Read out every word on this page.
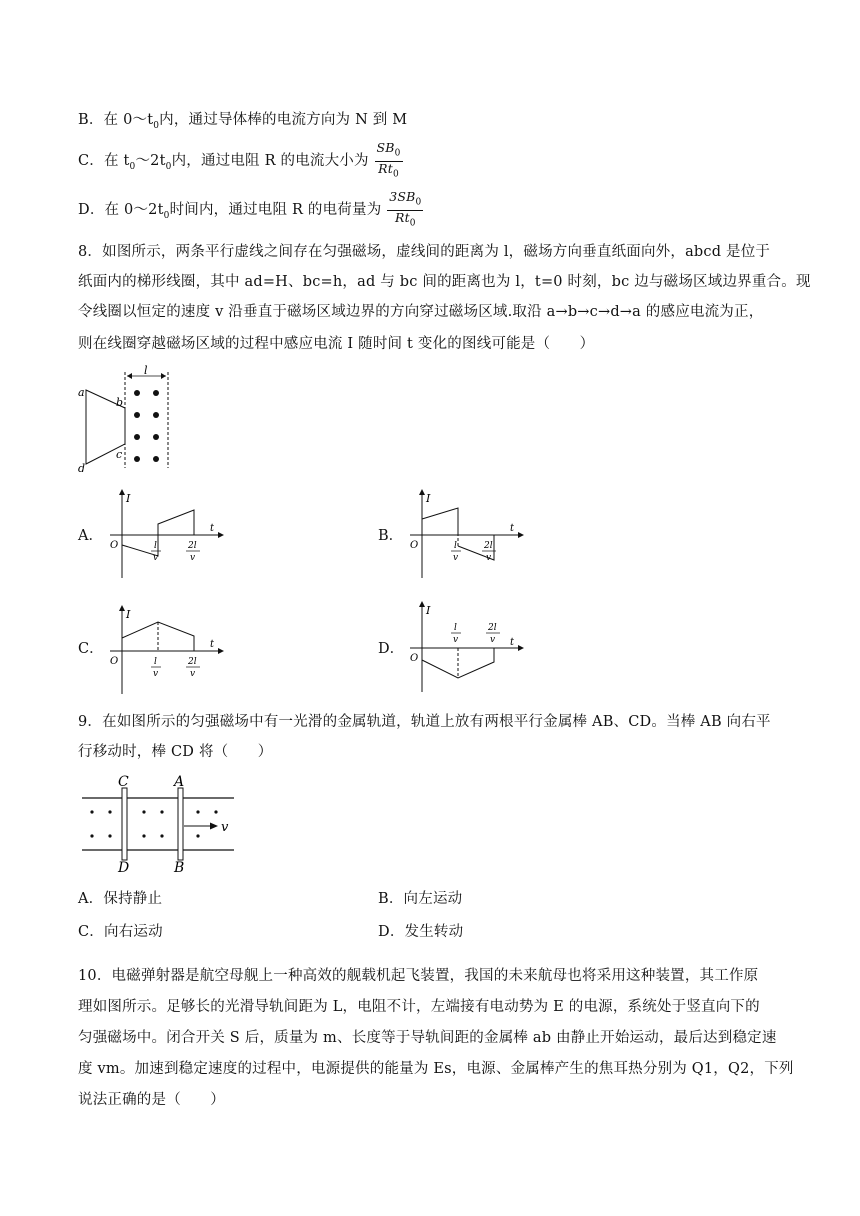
B．在 $0\sim t_0$内，通过导体棒的电流方向为 N 到 M
C．在 $t_0\sim 2t_0$内，通过电阻 R 的电流大小为 $\frac{SB_0}{Rt_0}$
D．在 $0\sim 2t_0$时间内，通过电阻 R 的电荷量为 $\frac{3SB_0}{Rt_0}$
8．如图所示，两条平行虚线之间存在匀强磁场，虚线间的距离为 l，磁场方向垂直纸面向外，abcd 是位于
纸面内的梯形线圈，其中 ad=H、bc=h，ad 与 bc 间的距离也为 l，t=0 时刻，bc 边与磁场区域边界重合。现
令线圈以恒定的速度 v 沿垂直于磁场区域边界的方向穿过磁场区域.取沿 a→b→c→d→a 的感应电流为正，
则在线圈穿越磁场区域的过程中感应电流 I 随时间 t 变化的图线可能是（　　）
l
a
b
c
d
A．	B．
C．	D．
I
t
O	l
v
2l
v
I
t
O	l
v
2l
v
I
t
O	l
v
2l
v
I
t
O
l
v
2l
v
9．在如图所示的匀强磁场中有一光滑的金属轨道，轨道上放有两根平行金属棒 AB、CD。当棒 AB 向右平
行移动时，棒 CD 将（　　）
C
D
A
B
v
A．保持静止	B．向左运动
C．向右运动	D．发生转动
10．电磁弹射器是航空母舰上一种高效的舰载机起飞装置，我国的未来航母也将采用这种装置，其工作原
理如图所示。足够长的光滑导轨间距为 L，电阻不计，左端接有电动势为 E 的电源，系统处于竖直向下的
匀强磁场中。闭合开关 S 后，质量为 m、长度等于导轨间距的金属棒 ab 由静止开始运动，最后达到稳定速
度 vm。加速到稳定速度的过程中，电源提供的能量为 Es，电源、金属棒产生的焦耳热分别为 Q1，Q2，下列
说法正确的是（　　）
